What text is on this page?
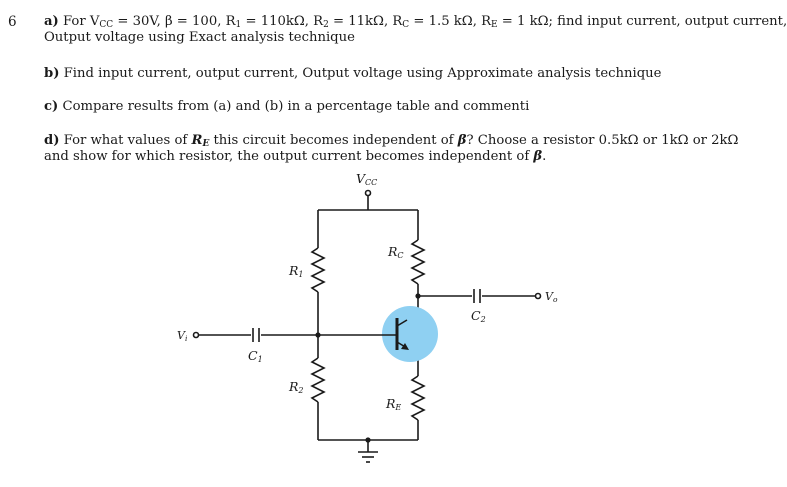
6 a) For $V_{CC} = 30V$, β = 100, $R_1 = 110k\Omega$, $R_2 = 11k\Omega$, $R_C = 1.5$ kΩ, $R_E = 1$ kΩ; find input current, output current,
Output voltage using Exact analysis technique
b) Find input current, output current, Output voltage using Approximate analysis technique
c) Compare results from (a) and (b) in a percentage table and commenti
d) For what values of $R_E$ this circuit becomes independent of β? Choose a resistor 0.5kΩ or 1kΩ or 2kΩ
and show for which resistor, the output current becomes independent of β.
VCC
RC
R1
R2
RE
C2
C1
Vi
Vo
